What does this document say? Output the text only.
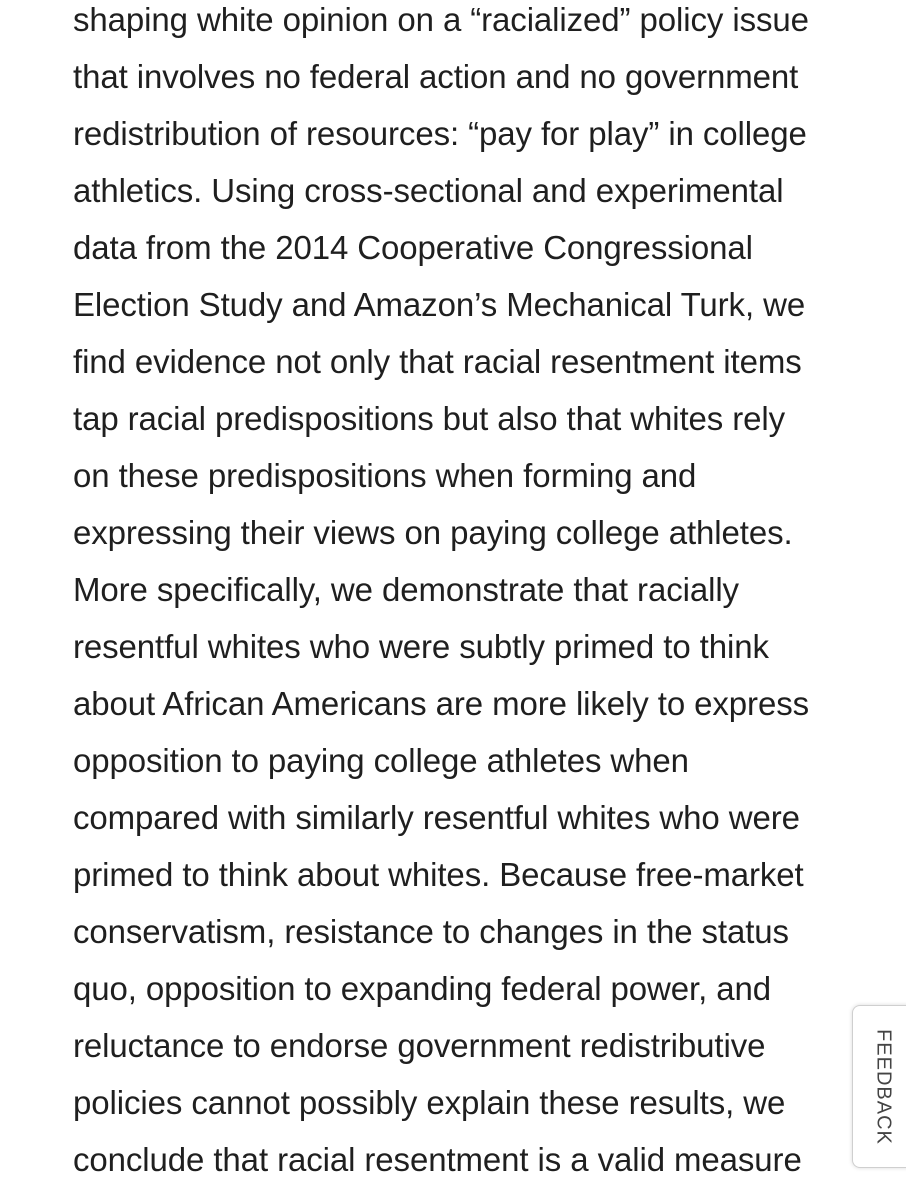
shaping white opinion on a “racialized” policy issue
that involves no federal action and no government
redistribution of resources: “pay for play” in college
athletics. Using cross-sectional and experimental
data from the 2014 Cooperative Congressional
Election Study and Amazon’s Mechanical Turk, we
find evidence not only that racial resentment items
tap racial predispositions but also that whites rely
on these predispositions when forming and
expressing their views on paying college athletes.
More specifically, we demonstrate that racially
resentful whites who were subtly primed to think
about African Americans are more likely to express
opposition to paying college athletes when
compared with similarly resentful whites who were
primed to think about whites. Because free-market
conservatism, resistance to changes in the status
quo, opposition to expanding federal power, and
reluctance to endorse government redistributive
policies cannot possibly explain these results, we
conclude that racial resentment is a valid measure
FEEDBACK
